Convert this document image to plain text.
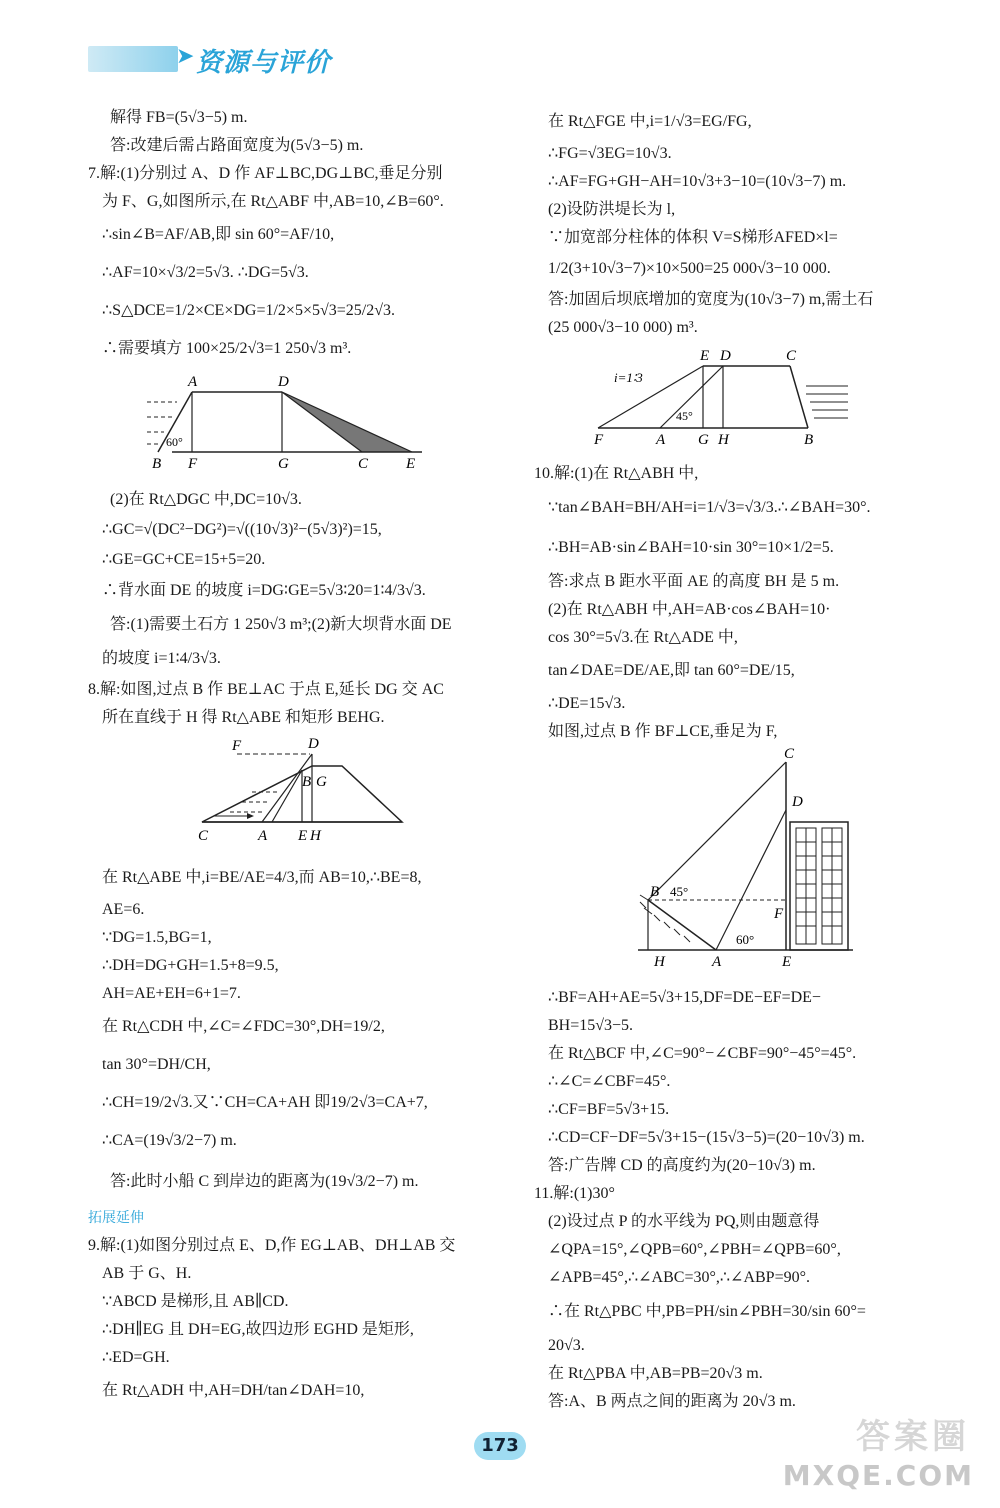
➤ 资源与评价
解得 FB=(5√3−5) m.
答:改建后需占路面宽度为(5√3−5) m.
7.解:(1)分别过 A、D 作 AF⊥BC,DG⊥BC,垂足分别
为 F、G,如图所示,在 Rt△ABF 中,AB=10,∠B=60°.
∴sin∠B=AF/AB,即 sin 60°=AF/10,
∴AF=10×√3/2=5√3. ∴DG=5√3.
∴S△DCE=1/2×CE×DG=1/2×5×5√3=25/2√3.
∴需要填方 100×25/2√3=1 250√3 m³.
A	D
B F	G	C	E
60°
(2)在 Rt△DGC 中,DC=10√3.
∴GC=√(DC²−DG²)=√((10√3)²−(5√3)²)=15,
∴GE=GC+CE=15+5=20.
∴背水面 DE 的坡度 i=DG∶GE=5√3∶20=1∶4/3√3.
答:(1)需要土石方 1 250√3 m³;(2)新大坝背水面 DE
的坡度 i=1∶4/3√3.
8.解:如图,过点 B 作 BE⊥AC 于点 E,延长 DG 交 AC
所在直线于 H 得 Rt△ABE 和矩形 BEHG.
F	D
B G
C	A E H
在 Rt△ABE 中,i=BE/AE=4/3,而 AB=10,∴BE=8,
AE=6.
∵DG=1.5,BG=1,
∴DH=DG+GH=1.5+8=9.5,
AH=AE+EH=6+1=7.
在 Rt△CDH 中,∠C=∠FDC=30°,DH=19/2,
tan 30°=DH/CH,
∴CH=19/2√3.又∵CH=CA+AH 即19/2√3=CA+7,
∴CA=(19√3/2−7) m.
答:此时小船 C 到岸边的距离为(19√3/2−7) m.
拓展延伸
9.解:(1)如图分别过点 E、D,作 EG⊥AB、DH⊥AB 交
AB 于 G、H.
∵ABCD 是梯形,且 AB∥CD.
∴DH∥EG 且 DH=EG,故四边形 EGHD 是矩形,
∴ED=GH.
在 Rt△ADH 中,AH=DH/tan∠DAH=10,
在 Rt△FGE 中,i=1/√3=EG/FG,
∴FG=√3EG=10√3.
∴AF=FG+GH−AH=10√3+3−10=(10√3−7) m.
(2)设防洪堤长为 l,
∵加宽部分柱体的体积 V=S梯形AFED×l=
1/2(3+10√3−7)×10×500=25 000√3−10 000.
答:加固后坝底增加的宽度为(10√3−7) m,需土石
(25 000√3−10 000) m³.
E D	C
i=1∶3
45°
F	A G H	B
10.解:(1)在 Rt△ABH 中,
∵tan∠BAH=BH/AH=i=1/√3=√3/3.∴∠BAH=30°.
∴BH=AB·sin∠BAH=10·sin 30°=10×1/2=5.
答:求点 B 距水平面 AE 的高度 BH 是 5 m.
(2)在 Rt△ABH 中,AH=AB·cos∠BAH=10·
cos 30°=5√3.在 Rt△ADE 中,
tan∠DAE=DE/AE,即 tan 60°=DE/15,
∴DE=15√3.
如图,过点 B 作 BF⊥CE,垂足为 F,
C
D
B 45°
F
60°
H	A	E
∴BF=AH+AE=5√3+15,DF=DE−EF=DE−
BH=15√3−5.
在 Rt△BCF 中,∠C=90°−∠CBF=90°−45°=45°.
∴∠C=∠CBF=45°.
∴CF=BF=5√3+15.
∴CD=CF−DF=5√3+15−(15√3−5)=(20−10√3) m.
答:广告牌 CD 的高度约为(20−10√3) m.
11.解:(1)30°
(2)设过点 P 的水平线为 PQ,则由题意得
∠QPA=15°,∠QPB=60°,∠PBH=∠QPB=60°,
∠APB=45°,∴∠ABC=30°,∴∠ABP=90°.
∴在 Rt△PBC 中,PB=PH/sin∠PBH=30/sin 60°=
20√3.
在 Rt△PBA 中,AB=PB=20√3 m.
答:A、B 两点之间的距离为 20√3 m.
173	答案圈
MXQE.COM
